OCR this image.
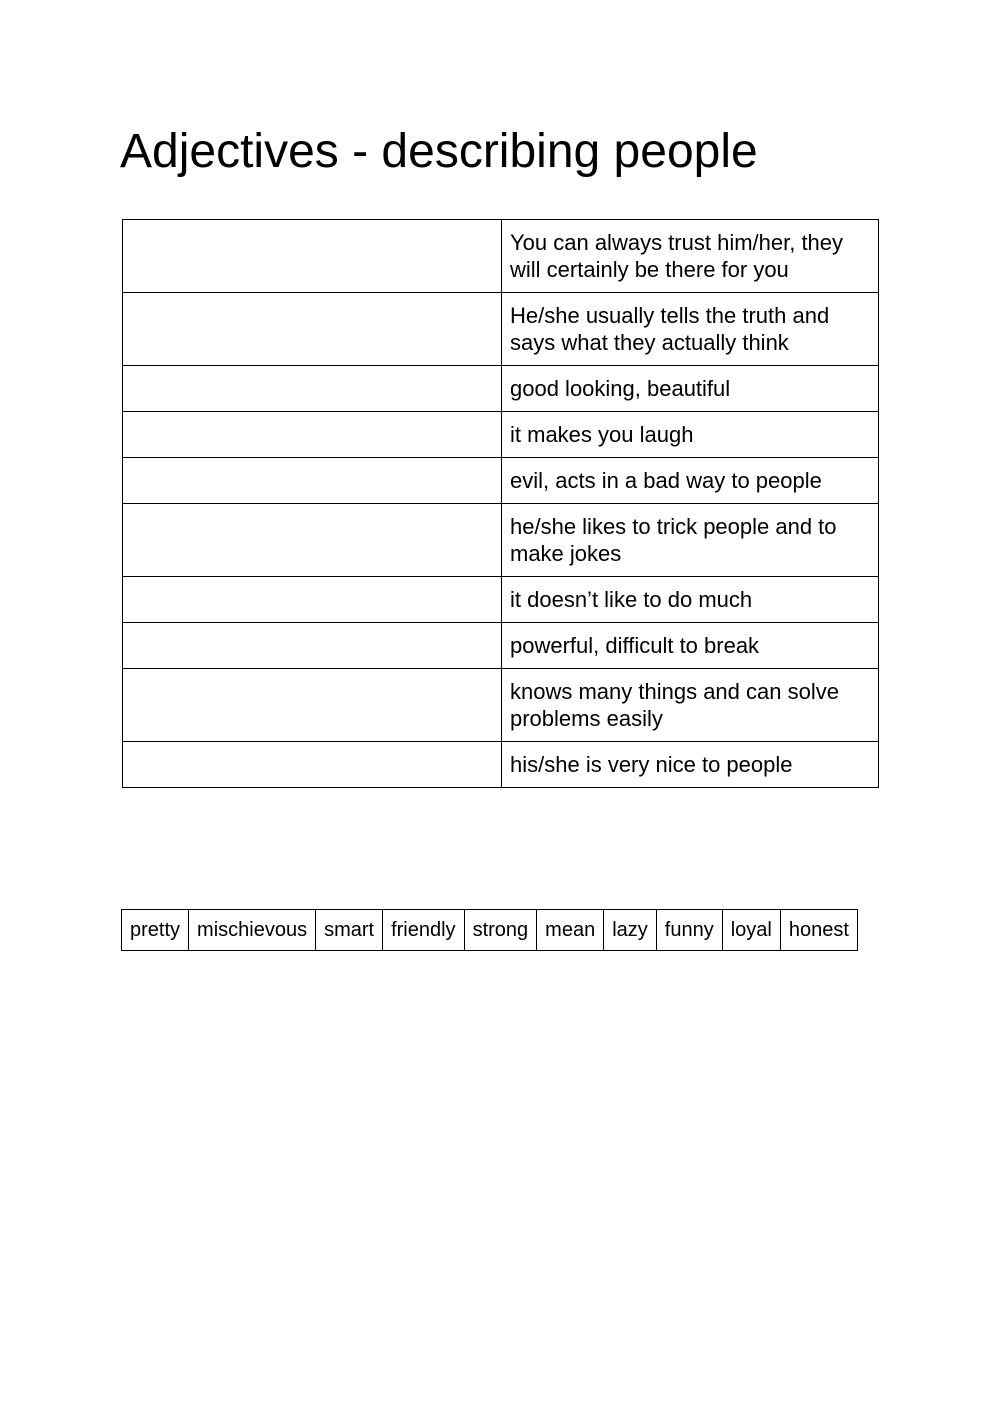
Adjectives - describing people
	You can always trust him/her, they will certainly be there for you
	He/she usually tells the truth and says what they actually think
	good looking, beautiful
	it makes you laugh
	evil, acts in a bad way to people
	he/she likes to trick people and to make jokes
	it doesn’t like to do much
	powerful, difficult to break
	knows many things and can solve problems easily
	his/she is very nice to people
pretty	mischievous	smart	friendly	strong	mean	lazy	funny	loyal	honest
